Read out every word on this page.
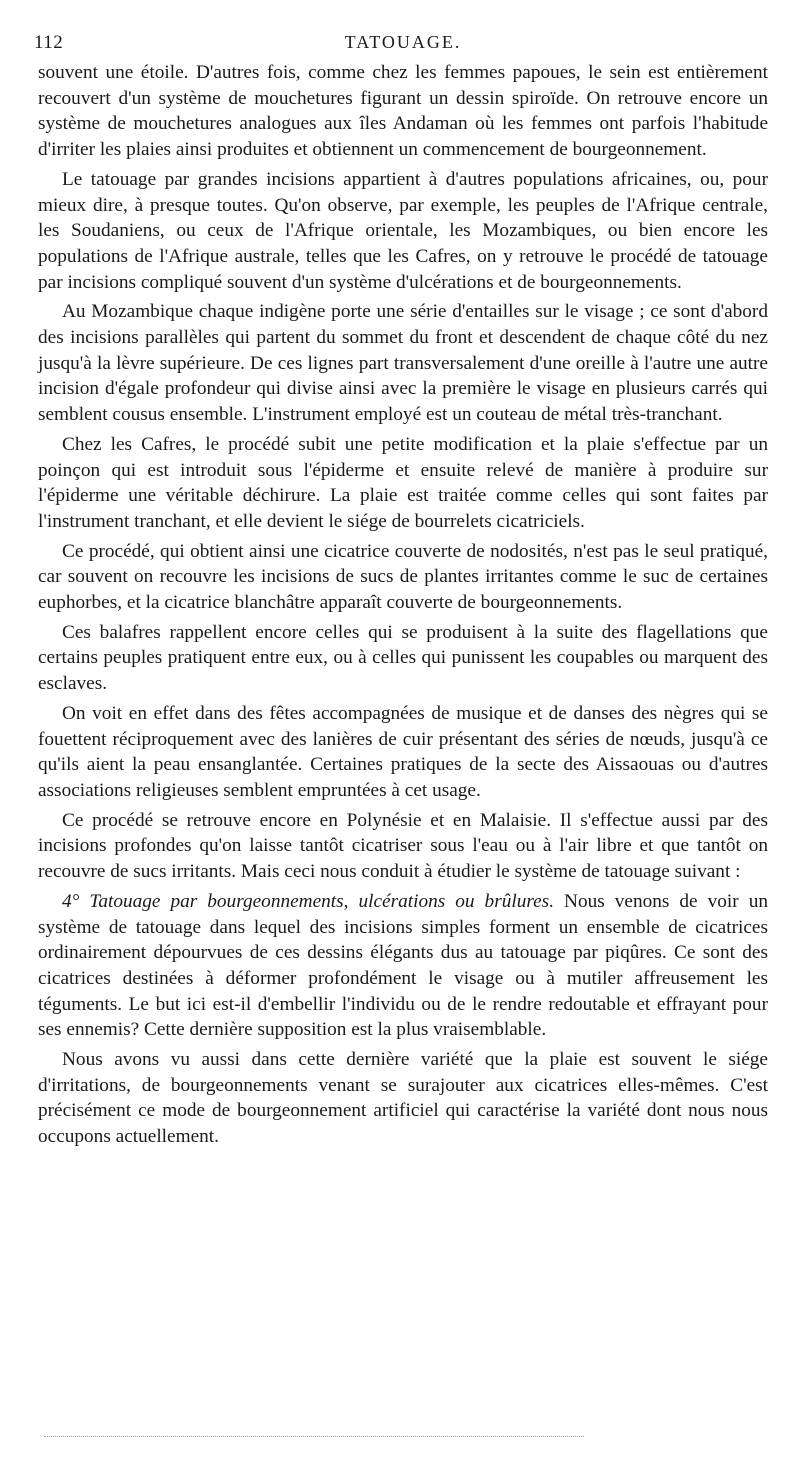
112	TATOUAGE.

souvent une étoile. D'autres fois, comme chez les femmes papoues, le sein est entièrement recouvert d'un système de mouchetures figurant un dessin spiroïde. On retrouve encore un système de mouchetures analogues aux îles Andaman où les femmes ont parfois l'habitude d'irriter les plaies ainsi produites et obtiennent un commencement de bourgeonnement.

Le tatouage par grandes incisions appartient à d'autres populations africaines, ou, pour mieux dire, à presque toutes. Qu'on observe, par exemple, les peuples de l'Afrique centrale, les Soudaniens, ou ceux de l'Afrique orientale, les Mozambiques, ou bien encore les populations de l'Afrique australe, telles que les Cafres, on y retrouve le procédé de tatouage par incisions compliqué souvent d'un système d'ulcérations et de bourgeonnements.

Au Mozambique chaque indigène porte une série d'entailles sur le visage ; ce sont d'abord des incisions parallèles qui partent du sommet du front et descendent de chaque côté du nez jusqu'à la lèvre supérieure. De ces lignes part transversalement d'une oreille à l'autre une autre incision d'égale profondeur qui divise ainsi avec la première le visage en plusieurs carrés qui semblent cousus ensemble. L'instrument employé est un couteau de métal très-tranchant.

Chez les Cafres, le procédé subit une petite modification et la plaie s'effectue par un poinçon qui est introduit sous l'épiderme et ensuite relevé de manière à produire sur l'épiderme une véritable déchirure. La plaie est traitée comme celles qui sont faites par l'instrument tranchant, et elle devient le siége de bourrelets cicatriciels.

Ce procédé, qui obtient ainsi une cicatrice couverte de nodosités, n'est pas le seul pratiqué, car souvent on recouvre les incisions de sucs de plantes irritantes comme le suc de certaines euphorbes, et la cicatrice blanchâtre apparaît couverte de bourgeonnements.

Ces balafres rappellent encore celles qui se produisent à la suite des flagellations que certains peuples pratiquent entre eux, ou à celles qui punissent les coupables ou marquent des esclaves.

On voit en effet dans des fêtes accompagnées de musique et de danses des nègres qui se fouettent réciproquement avec des lanières de cuir présentant des séries de nœuds, jusqu'à ce qu'ils aient la peau ensanglantée. Certaines pratiques de la secte des Aissaouas ou d'autres associations religieuses semblent empruntées à cet usage.

Ce procédé se retrouve encore en Polynésie et en Malaisie. Il s'effectue aussi par des incisions profondes qu'on laisse tantôt cicatriser sous l'eau ou à l'air libre et que tantôt on recouvre de sucs irritants. Mais ceci nous conduit à étudier le système de tatouage suivant :

4° Tatouage par bourgeonnements, ulcérations ou brûlures. Nous venons de voir un système de tatouage dans lequel des incisions simples forment un ensemble de cicatrices ordinairement dépourvues de ces dessins élégants dus au tatouage par piqûres. Ce sont des cicatrices destinées à déformer profondément le visage ou à mutiler affreusement les téguments. Le but ici est-il d'embellir l'individu ou de le rendre redoutable et effrayant pour ses ennemis? Cette dernière supposition est la plus vraisemblable.

Nous avons vu aussi dans cette dernière variété que la plaie est souvent le siége d'irritations, de bourgeonnements venant se surajouter aux cicatrices elles-mêmes. C'est précisément ce mode de bourgeonnement artificiel qui caractérise la variété dont nous nous occupons actuellement.
